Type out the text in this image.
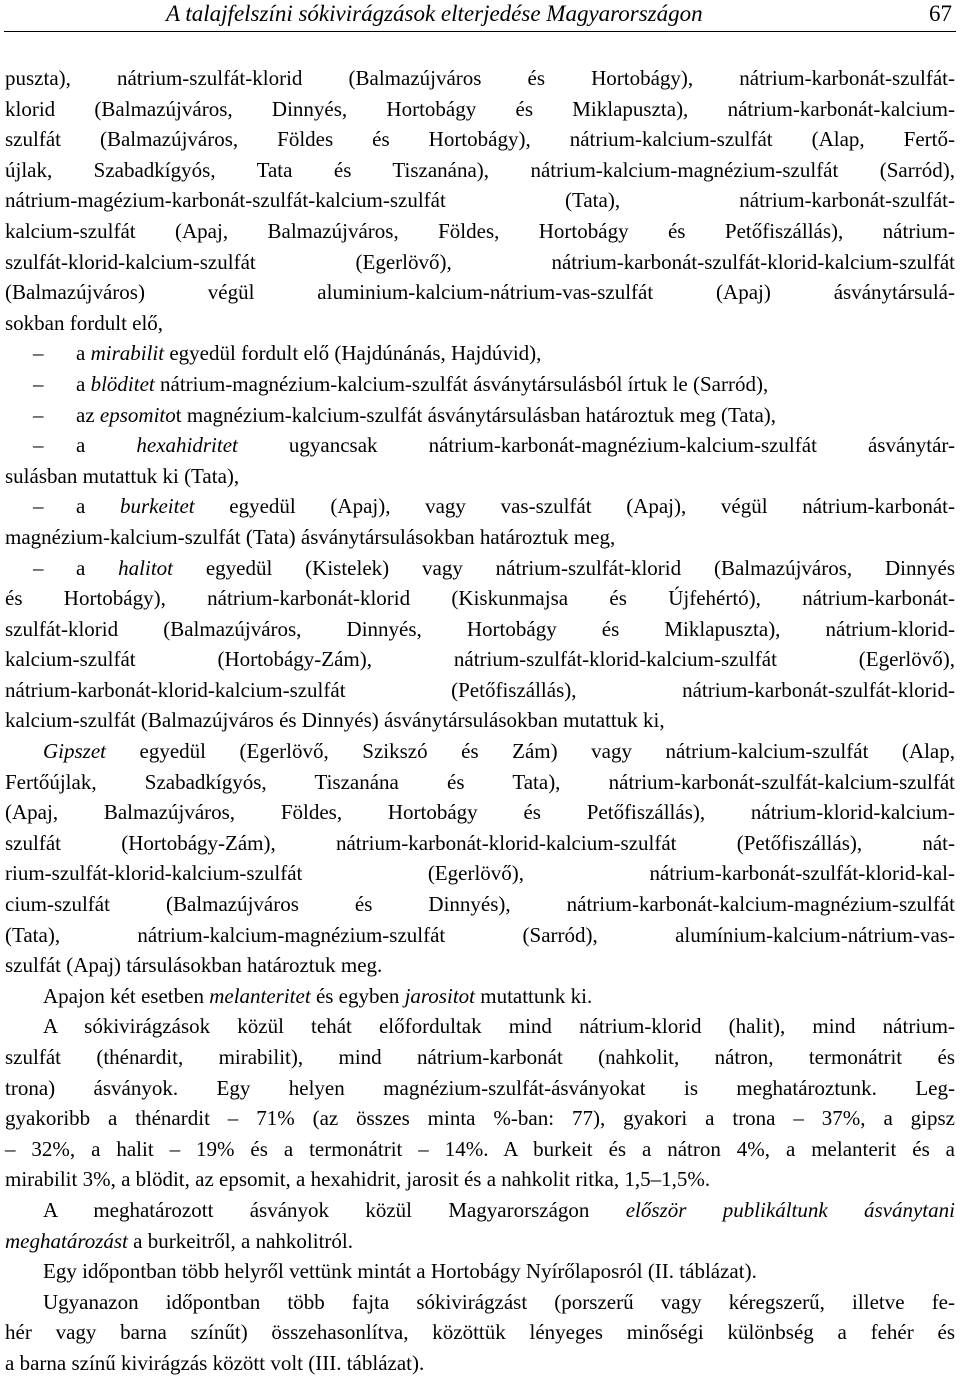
A talajfelszíni sókivirágzások elterjedése Magyarországon	67

puszta), nátrium-szulfát-klorid (Balmazújváros és Hortobágy), nátrium-karbonát-szulfát-

klorid (Balmazújváros, Dinnyés, Hortobágy és Miklapuszta), nátrium-karbonát-kalcium-

szulfát (Balmazújváros, Földes és Hortobágy), nátrium-kalcium-szulfát (Alap, Fertő-

újlak, Szabadkígyós, Tata és Tiszanána), nátrium-kalcium-magnézium-szulfát (Sarród),

nátrium-magézium-karbonát-szulfát-kalcium-szulfát (Tata), nátrium-karbonát-szulfát-

kalcium-szulfát (Apaj, Balmazújváros, Földes, Hortobágy és Petőfiszállás), nátrium-

szulfát-klorid-kalcium-szulfát (Egerlövő), nátrium-karbonát-szulfát-klorid-kalcium-szulfát

(Balmazújváros) végül aluminium-kalcium-nátrium-vas-szulfát (Apaj) ásványtársulá-

sokban fordult elő,

– a mirabilit egyedül fordult elő (Hajdúnánás, Hajdúvid),

– a blöditet nátrium-magnézium-kalcium-szulfát ásványtársulásból írtuk le (Sarród),

– az epsomitot magnézium-kalcium-szulfát ásványtársulásban határoztuk meg (Tata),

– a hexahidritet ugyancsak nátrium-karbonát-magnézium-kalcium-szulfát ásványtár-

sulásban mutattuk ki (Tata),

– a burkeitet egyedül (Apaj), vagy vas-szulfát (Apaj), végül nátrium-karbonát-

magnézium-kalcium-szulfát (Tata) ásványtársulásokban határoztuk meg,

– a halitot egyedül (Kistelek) vagy nátrium-szulfát-klorid (Balmazújváros, Dinnyés

és Hortobágy), nátrium-karbonát-klorid (Kiskunmajsa és Újfehértó), nátrium-karbonát-

szulfát-klorid (Balmazújváros, Dinnyés, Hortobágy és Miklapuszta), nátrium-klorid-

kalcium-szulfát (Hortobágy-Zám), nátrium-szulfát-klorid-kalcium-szulfát (Egerlövő),

nátrium-karbonát-klorid-kalcium-szulfát (Petőfiszállás), nátrium-karbonát-szulfát-klorid-

kalcium-szulfát (Balmazújváros és Dinnyés) ásványtársulásokban mutattuk ki,

Gipszet egyedül (Egerlövő, Szikszó és Zám) vagy nátrium-kalcium-szulfát (Alap,

Fertőújlak, Szabadkígyós, Tiszanána és Tata), nátrium-karbonát-szulfát-kalcium-szulfát

(Apaj, Balmazújváros, Földes, Hortobágy és Petőfiszállás), nátrium-klorid-kalcium-

szulfát (Hortobágy-Zám), nátrium-karbonát-klorid-kalcium-szulfát (Petőfiszállás), nát-

rium-szulfát-klorid-kalcium-szulfát (Egerlövő), nátrium-karbonát-szulfát-klorid-kal-

cium-szulfát (Balmazújváros és Dinnyés), nátrium-karbonát-kalcium-magnézium-szulfát

(Tata), nátrium-kalcium-magnézium-szulfát (Sarród), alumínium-kalcium-nátrium-vas-

szulfát (Apaj) társulásokban határoztuk meg.

Apajon két esetben melanteritet és egyben jarositot mutattunk ki.

A sókivirágzások közül tehát előfordultak mind nátrium-klorid (halit), mind nátrium-

szulfát (thénardit, mirabilit), mind nátrium-karbonát (nahkolit, nátron, termonátrit és

trona) ásványok. Egy helyen magnézium-szulfát-ásványokat is meghatároztunk. Leg-

gyakoribb a thénardit – 71% (az összes minta %-ban: 77), gyakori a trona – 37%, a gipsz

– 32%, a halit – 19% és a termonátrit – 14%. A burkeit és a nátron 4%, a melanterit és a

mirabilit 3%, a blödit, az epsomit, a hexahidrit, jarosit és a nahkolit ritka, 1,5–1,5%.

A meghatározott ásványok közül Magyarországon először publikáltunk ásványtani

meghatározást a burkeitről, a nahkolitról.

Egy időpontban több helyről vettünk mintát a Hortobágy Nyírőlaposról (II. táblázat).

Ugyanazon időpontban több fajta sókivirágzást (porszerű vagy kéregszerű, illetve fe-

hér vagy barna színűt) összehasonlítva, közöttük lényeges minőségi különbség a fehér és

a barna színű kivirágzás között volt (III. táblázat).
